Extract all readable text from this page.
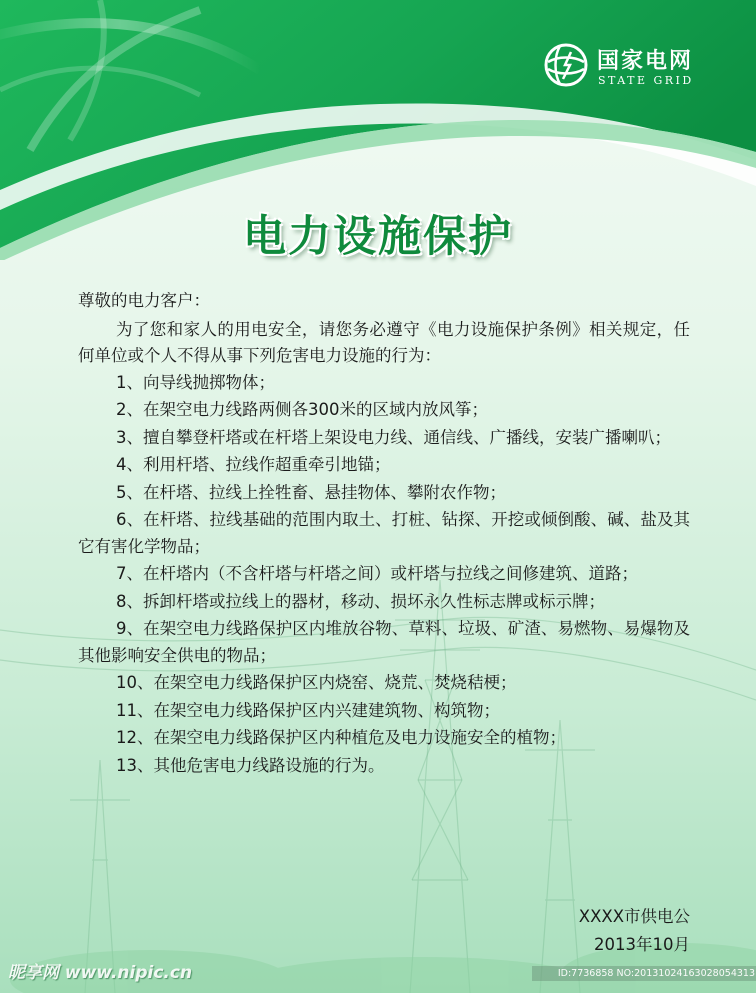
国家电网
STATE GRID
电力设施保护

尊敬的电力客户：

为了您和家人的用电安全，请您务必遵守《电力设施保护条例》相关规定，任何单位或个人不得从事下列危害电力设施的行为：

1、向导线抛掷物体；

2、在架空电力线路两侧各300米的区域内放风筝；

3、擅自攀登杆塔或在杆塔上架设电力线、通信线、广播线，安装广播喇叭；

4、利用杆塔、拉线作超重牵引地锚；

5、在杆塔、拉线上拴牲畜、悬挂物体、攀附农作物；

6、在杆塔、拉线基础的范围内取土、打桩、钻探、开挖或倾倒酸、碱、盐及其它有害化学物品；

7、在杆塔内（不含杆塔与杆塔之间）或杆塔与拉线之间修建筑、道路；

8、拆卸杆塔或拉线上的器材，移动、损坏永久性标志牌或标示牌；

9、在架空电力线路保护区内堆放谷物、草料、垃圾、矿渣、易燃物、易爆物及其他影响安全供电的物品；

10、在架空电力线路保护区内烧窑、烧荒、焚烧秸梗；

11、在架空电力线路保护区内兴建建筑物、构筑物；

12、在架空电力线路保护区内种植危及电力设施安全的植物；

13、其他危害电力线路设施的行为。

XXXX市供电公
2013年10月
昵享网 www.nipic.cn	ID:7736858 NO:20131024163028054313
